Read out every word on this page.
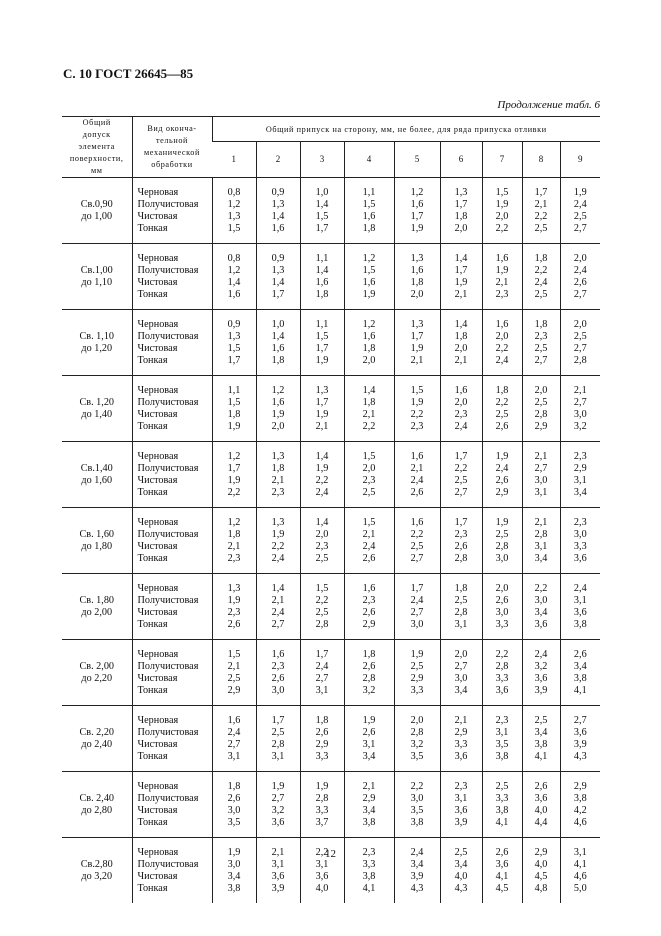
С. 10 ГОСТ 26645—85
Продолжение табл. 6
Общий
допуск
элемента
поверхности,
мм	Вид оконча-
тельной
механической
обработки	Общий припуск на сторону, мм, не более, для ряда припуска отливки								
		1	2	3	4	5	6	7	8	9

Св.0,90
до 1,00	Черновая
Получистовая
Чистовая
Тонкая	0,8
1,2
1,3
1,5	0,9
1,3
1,4
1,6	1,0
1,4
1,5
1,7	1,1
1,5
1,6
1,8	1,2
1,6
1,7
1,9	1,3
1,7
1,8
2,0	1,5
1,9
2,0
2,2	1,7
2,1
2,2
2,5	1,9
2,4
2,5
2,7

Св.1,00
до 1,10	Черновая
Получистовая
Чистовая
Тонкая	0,8
1,2
1,4
1,6	0,9
1,3
1,4
1,7	1,1
1,4
1,6
1,8	1,2
1,5
1,6
1,9	1,3
1,6
1,8
2,0	1,4
1,7
1,9
2,1	1,6
1,9
2,1
2,3	1,8
2,2
2,4
2,5	2,0
2,4
2,6
2,7

Св. 1,10
до 1,20	Черновая
Получистовая
Чистовая
Тонкая	0,9
1,3
1,5
1,7	1,0
1,4
1,6
1,8	1,1
1,5
1,7
1,9	1,2
1,6
1,8
2,0	1,3
1,7
1,9
2,1	1,4
1,8
2,0
2,1	1,6
2,0
2,2
2,4	1,8
2,3
2,5
2,7	2,0
2,5
2,7
2,8

Св. 1,20
до 1,40	Черновая
Получистовая
Чистовая
Тонкая	1,1
1,5
1,8
1,9	1,2
1,6
1,9
2,0	1,3
1,7
1,9
2,1	1,4
1,8
2,1
2,2	1,5
1,9
2,2
2,3	1,6
2,0
2,3
2,4	1,8
2,2
2,5
2,6	2,0
2,5
2,8
2,9	2,1
2,7
3,0
3,2

Св.1,40
до 1,60	Черновая
Получистовая
Чистовая
Тонкая	1,2
1,7
1,9
2,2	1,3
1,8
2,1
2,3	1,4
1,9
2,2
2,4	1,5
2,0
2,3
2,5	1,6
2,1
2,4
2,6	1,7
2,2
2,5
2,7	1,9
2,4
2,6
2,9	2,1
2,7
3,0
3,1	2,3
2,9
3,1
3,4

Св. 1,60
до 1,80	Черновая
Получистовая
Чистовая
Тонкая	1,2
1,8
2,1
2,3	1,3
1,9
2,2
2,4	1,4
2,0
2,3
2,5	1,5
2,1
2,4
2,6	1,6
2,2
2,5
2,7	1,7
2,3
2,6
2,8	1,9
2,5
2,8
3,0	2,1
2,8
3,1
3,4	2,3
3,0
3,3
3,6

Св. 1,80
до 2,00	Черновая
Получистовая
Чистовая
Тонкая	1,3
1,9
2,3
2,6	1,4
2,1
2,4
2,7	1,5
2,2
2,5
2,8	1,6
2,3
2,6
2,9	1,7
2,4
2,7
3,0	1,8
2,5
2,8
3,1	2,0
2,6
3,0
3,3	2,2
3,0
3,4
3,6	2,4
3,1
3,6
3,8

Св. 2,00
до 2,20	Черновая
Получистовая
Чистовая
Тонкая	1,5
2,1
2,5
2,9	1,6
2,3
2,6
3,0	1,7
2,4
2,7
3,1	1,8
2,6
2,8
3,2	1,9
2,5
2,9
3,3	2,0
2,7
3,0
3,4	2,2
2,8
3,3
3,6	2,4
3,2
3,6
3,9	2,6
3,4
3,8
4,1

Св. 2,20
до 2,40	Черновая
Получистовая
Чистовая
Тонкая	1,6
2,4
2,7
3,1	1,7
2,5
2,8
3,1	1,8
2,6
2,9
3,3	1,9
2,6
3,1
3,4	2,0
2,8
3,2
3,5	2,1
2,9
3,3
3,6	2,3
3,1
3,5
3,8	2,5
3,4
3,8
4,1	2,7
3,6
3,9
4,3

Св. 2,40
до 2,80	Черновая
Получистовая
Чистовая
Тонкая	1,8
2,6
3,0
3,5	1,9
2,7
3,2
3,6	1,9
2,8
3,3
3,7	2,1
2,9
3,4
3,8	2,2
3,0
3,5
3,8	2,3
3,1
3,6
3,9	2,5
3,3
3,8
4,1	2,6
3,6
4,0
4,4	2,9
3,8
4,2
4,6

Св.2,80
до 3,20	Черновая
Получистовая
Чистовая
Тонкая	1,9
3,0
3,4
3,8	2,1
3,1
3,6
3,9	2,2
3,1
3,6
4,0	2,3
3,3
3,8
4,1	2,4
3,4
3,9
4,3	2,5
3,4
4,0
4,3	2,6
3,6
4,1
4,5	2,9
4,0
4,5
4,8	3,1
4,1
4,6
5,0
12
